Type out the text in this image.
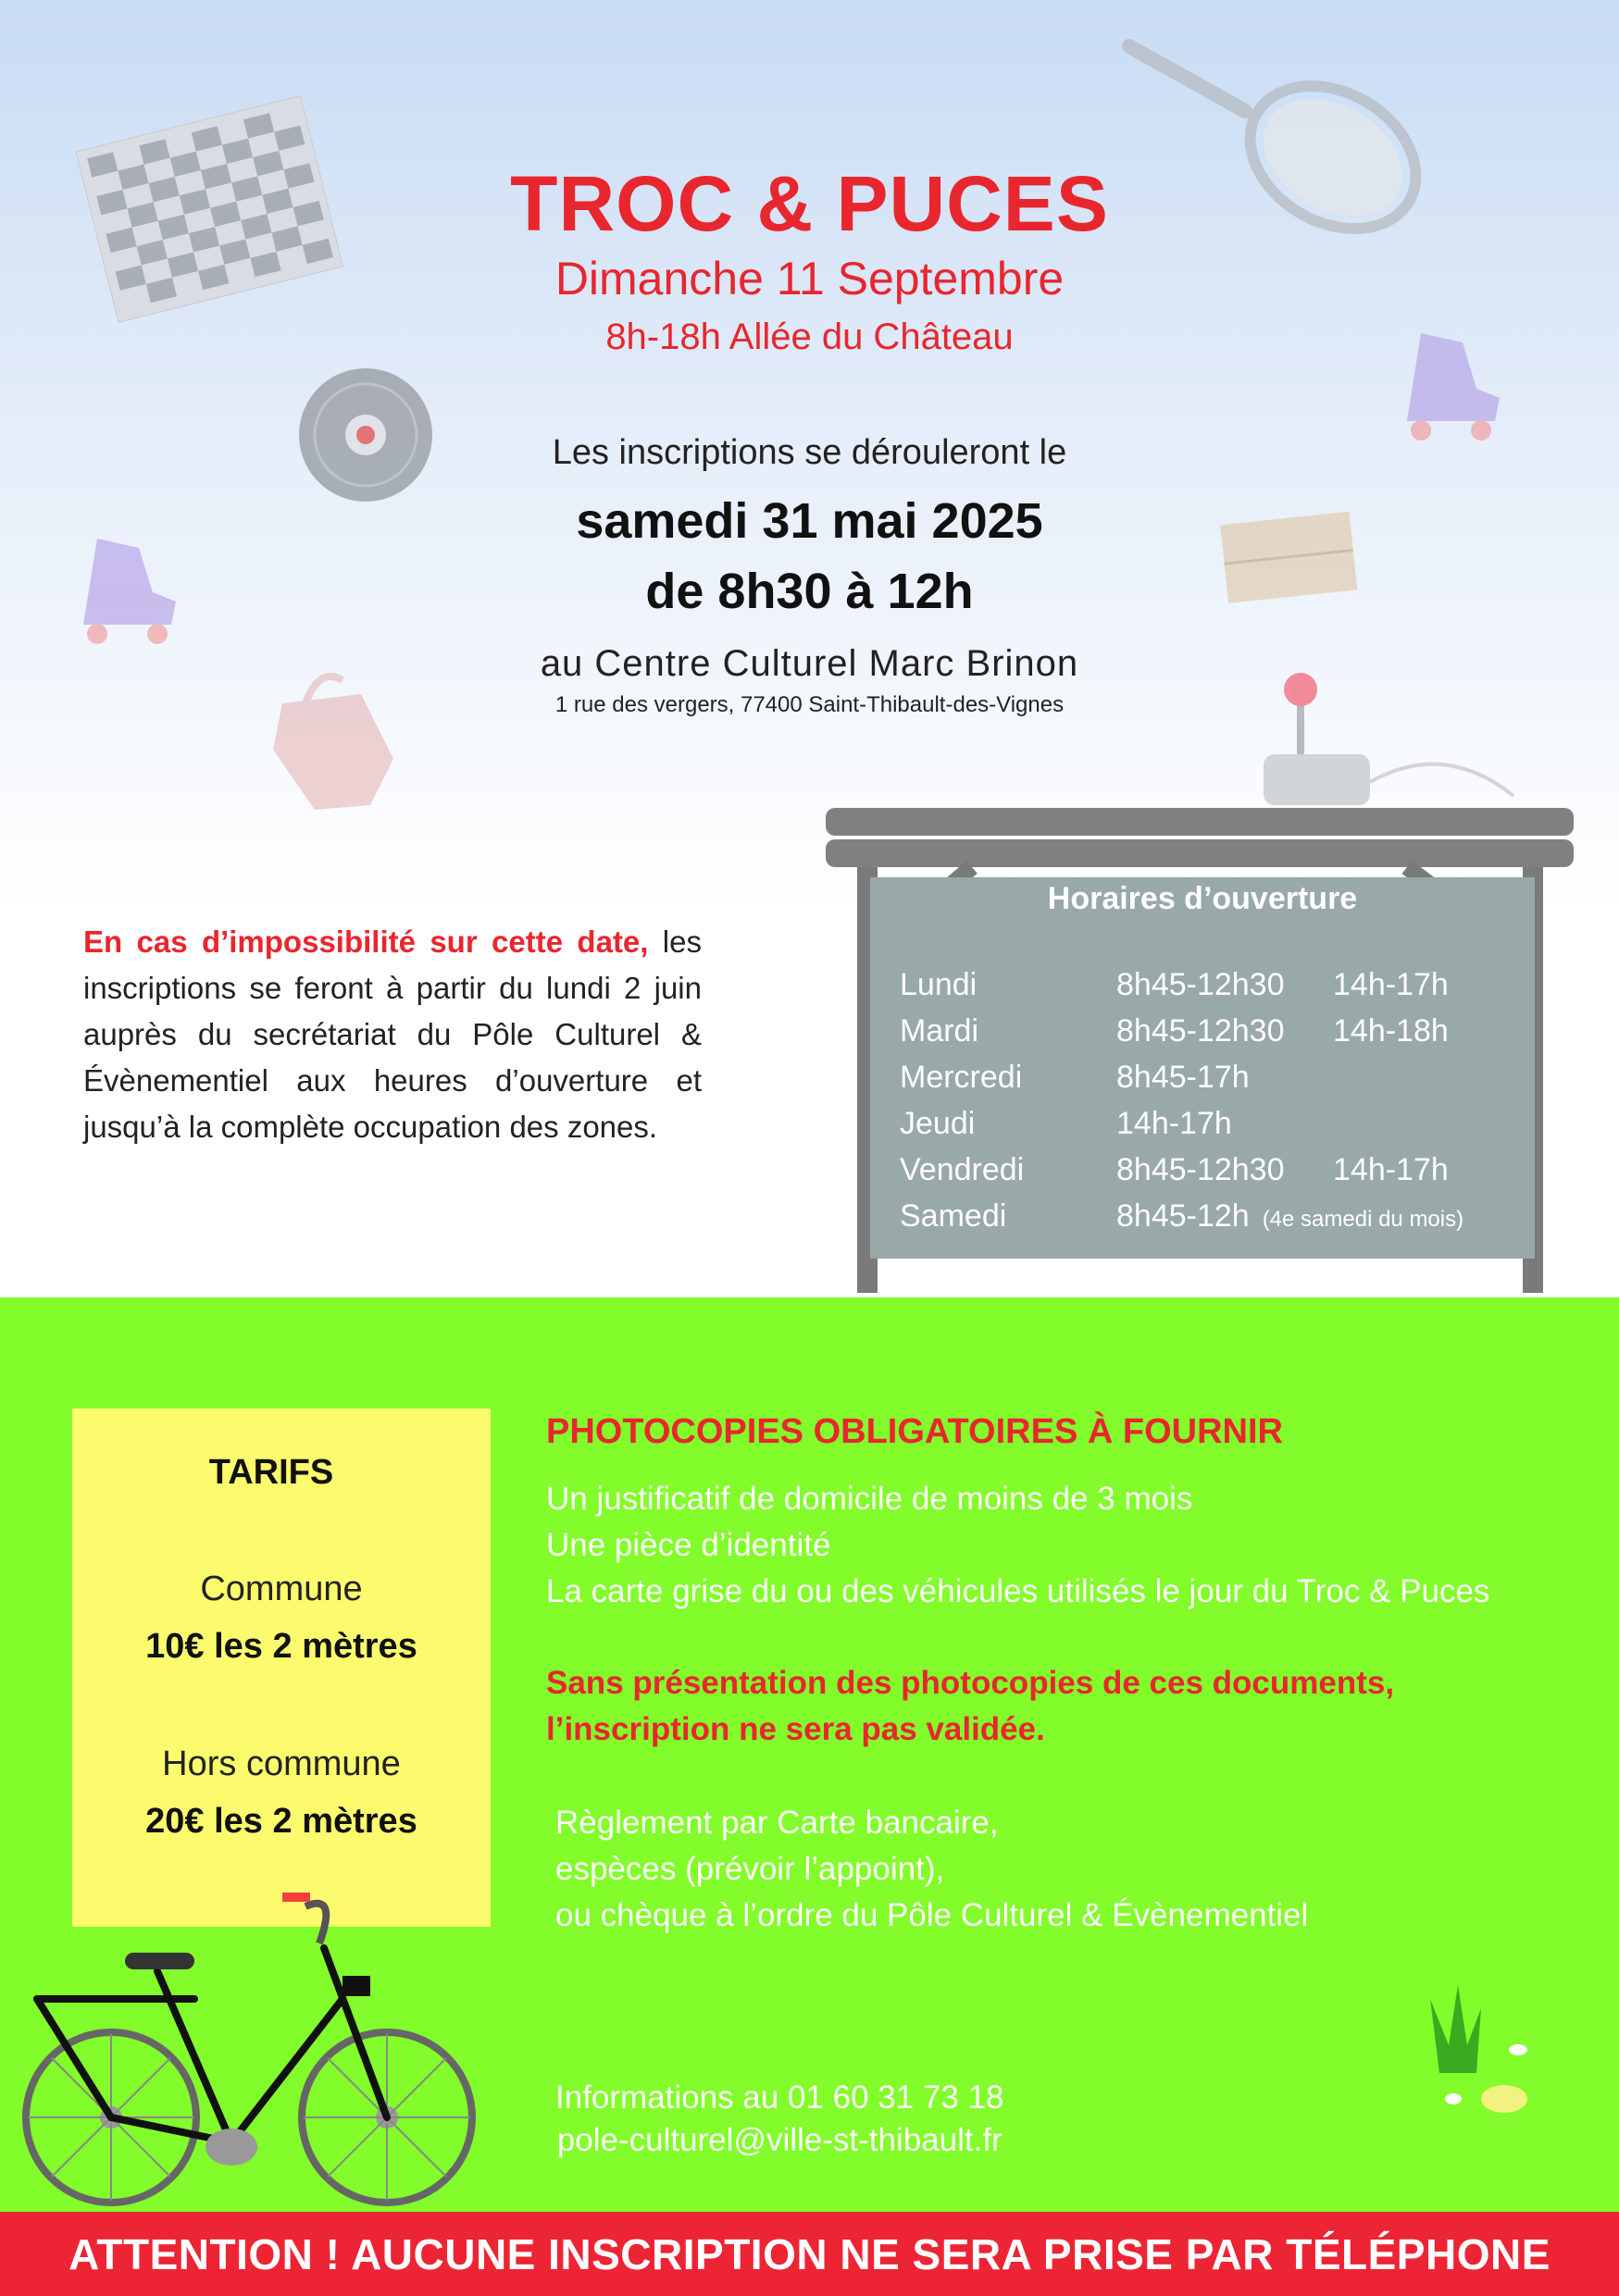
TROC & PUCES
Dimanche 11 Septembre
8h-18h Allée du Château
Les inscriptions se dérouleront le
samedi 31 mai 2025
de 8h30 à 12h
au Centre Culturel Marc Brinon
1 rue des vergers, 77400 Saint-Thibault-des-Vignes
En cas d’impossibilité sur cette date, les inscriptions se feront à partir du lundi 2 juin auprès du secrétariat du Pôle Culturel & Évènementiel aux heures d’ouverture et jusqu’à la complète occupation des zones.
Horaires d’ouverture
Lundi	8h45-12h30	14h-17h
Mardi	8h45-12h30	14h-18h
Mercredi	8h45-17h
Jeudi	14h-17h
Vendredi	8h45-12h30	14h-17h
Samedi	8h45-12h (4e samedi du mois)
TARIFS
Commune
10€ les 2 mètres
Hors commune
20€ les 2 mètres
PHOTOCOPIES OBLIGATOIRES À FOURNIR
Un justificatif de domicile de moins de 3 mois
Une pièce d’identité
La carte grise du ou des véhicules utilisés le jour du Troc & Puces
Sans présentation des photocopies de ces documents,
l’inscription ne sera pas validée.
Règlement par Carte bancaire,
espèces (prévoir l’appoint),
ou chèque à l’ordre du Pôle Culturel & Évènementiel
Informations au 01 60 31 73 18
pole-culturel@ville-st-thibault.fr
ATTENTION ! AUCUNE INSCRIPTION NE SERA PRISE PAR TÉLÉPHONE
